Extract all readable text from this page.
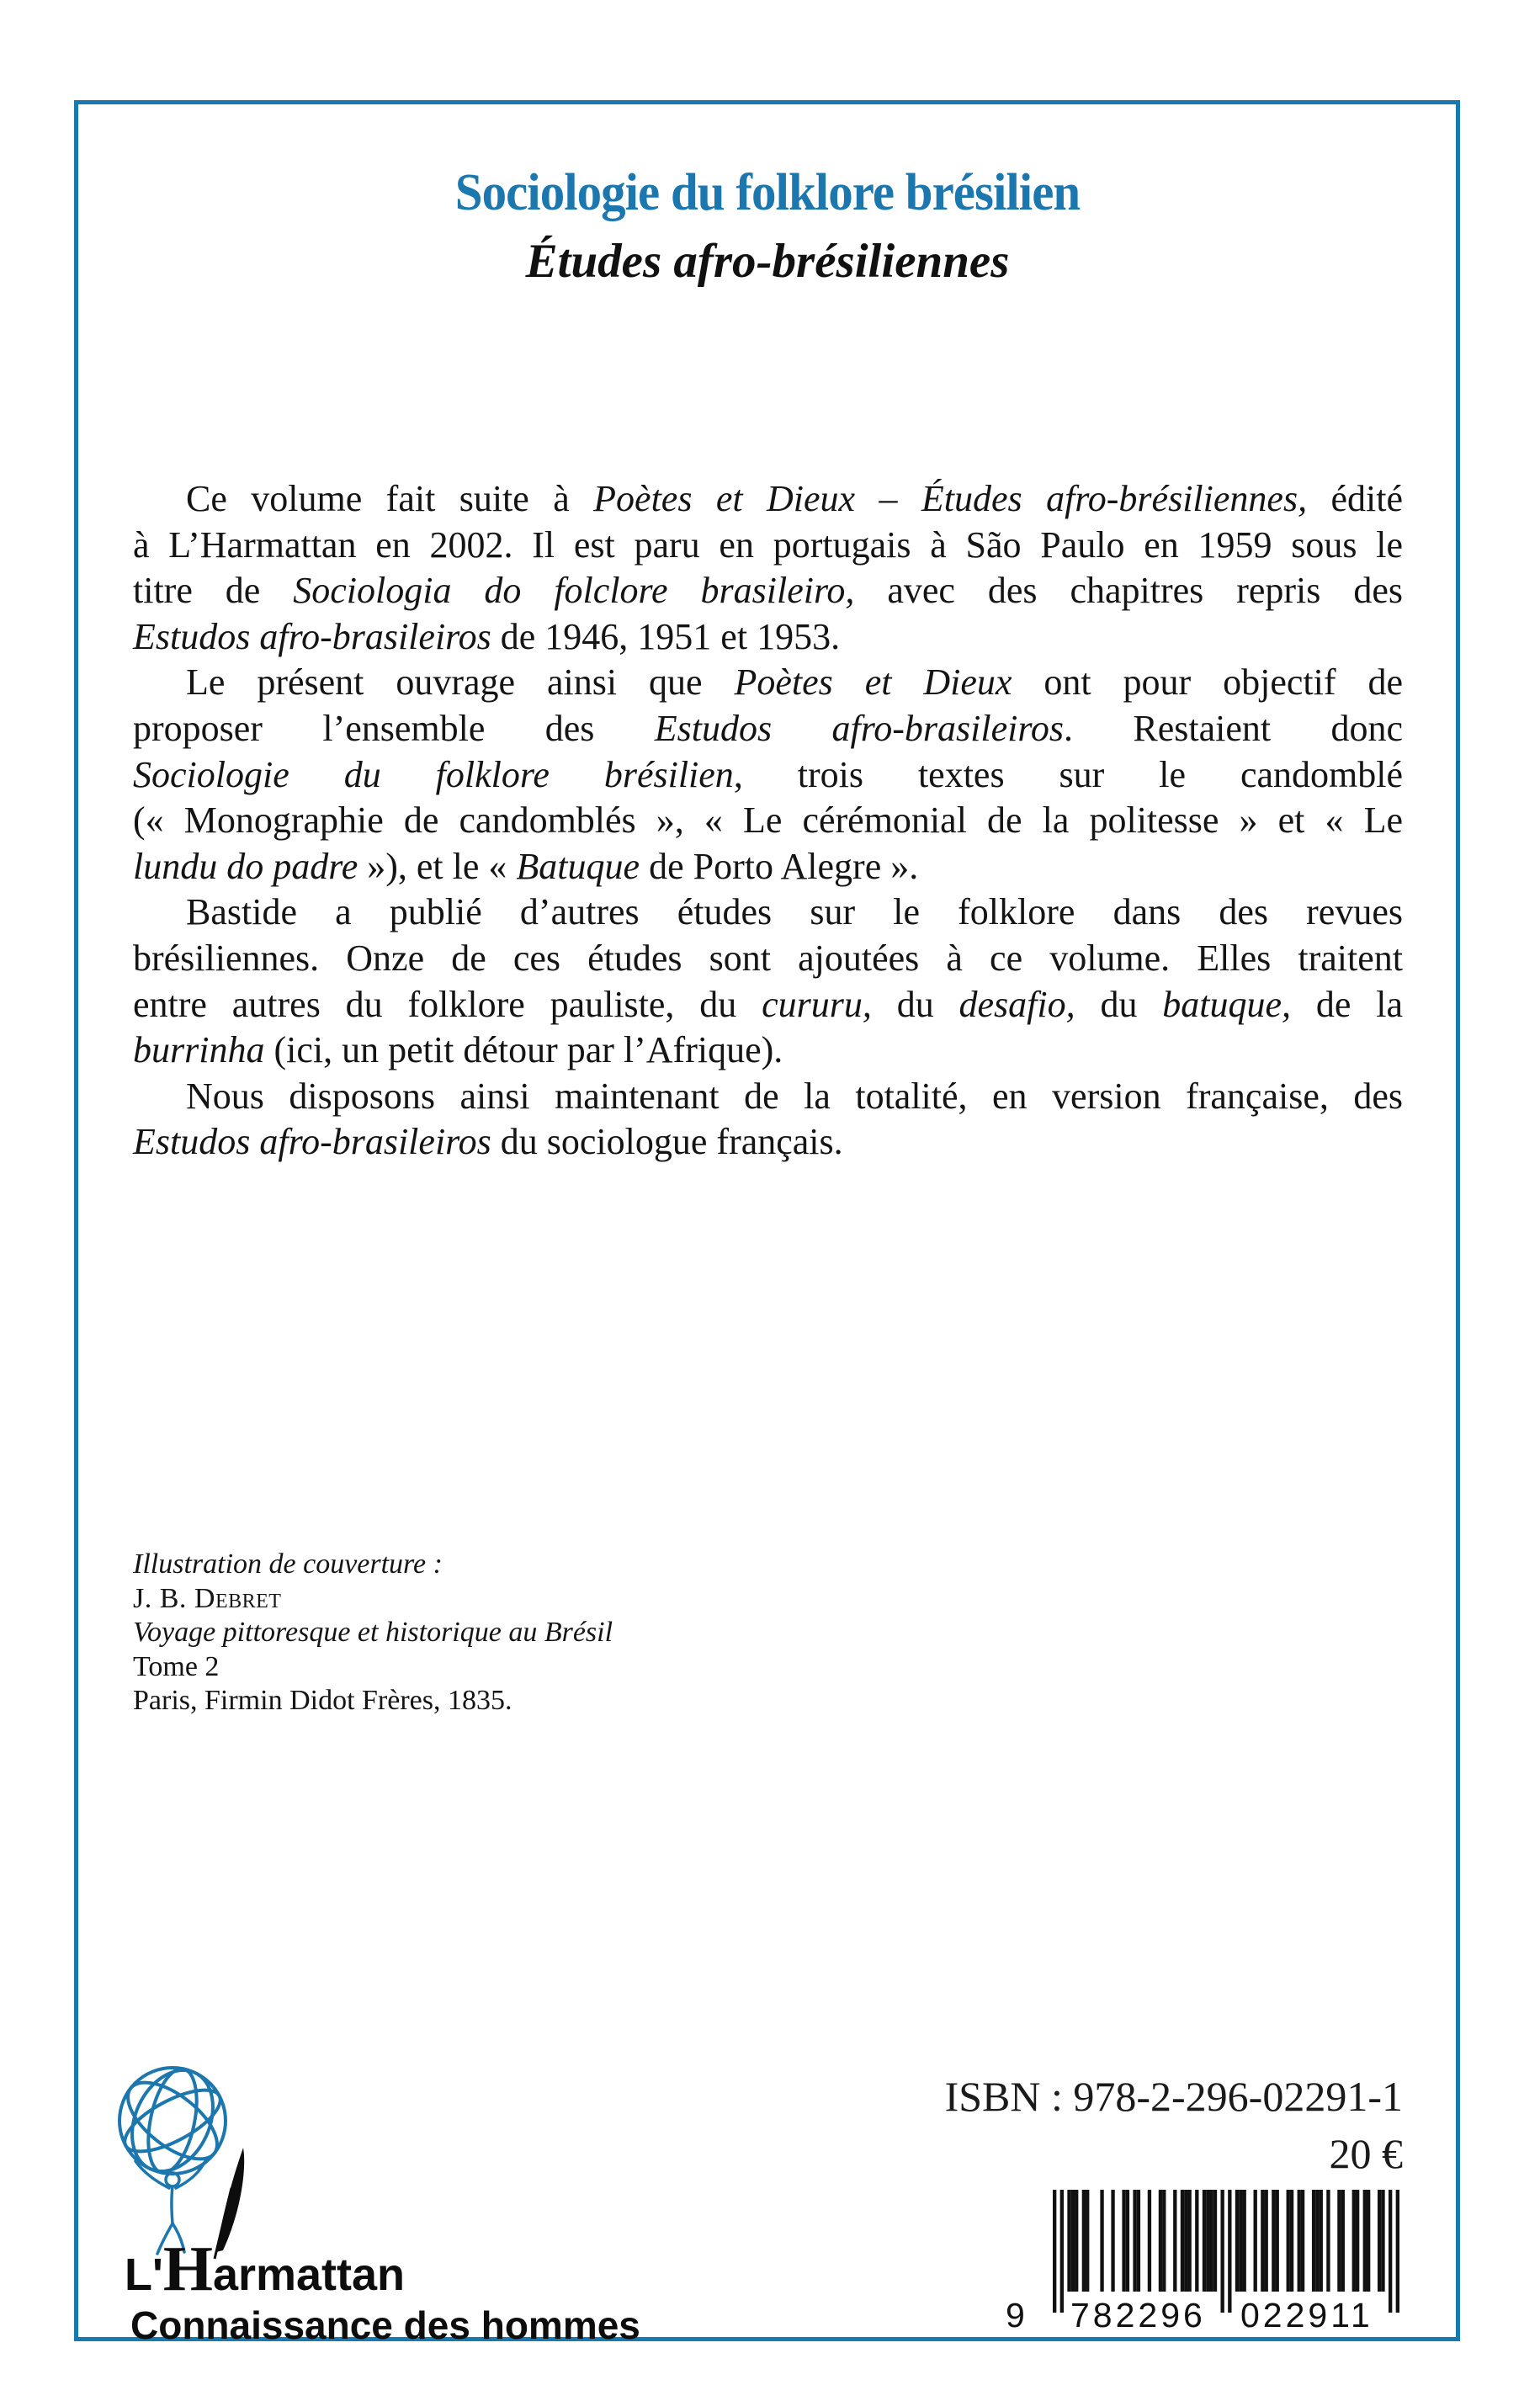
Sociologie du folklore brésilien
Études afro-brésiliennes
Ce volume fait suite à Poètes et Dieux – Études afro-brésiliennes, édité
à L’Harmattan en 2002. Il est paru en portugais à São Paulo en 1959 sous le
titre de Sociologia do folclore brasileiro, avec des chapitres repris des
Estudos afro-brasileiros de 1946, 1951 et 1953.
Le présent ouvrage ainsi que Poètes et Dieux ont pour objectif de
proposer l’ensemble des Estudos afro-brasileiros. Restaient donc
Sociologie du folklore brésilien, trois textes sur le candomblé
(« Monographie de candomblés », « Le cérémonial de la politesse » et « Le
lundu do padre »), et le « Batuque de Porto Alegre ».
Bastide a publié d’autres études sur le folklore dans des revues
brésiliennes. Onze de ces études sont ajoutées à ce volume. Elles traitent
entre autres du folklore pauliste, du cururu, du desafio, du batuque, de la
burrinha (ici, un petit détour par l’Afrique).
Nous disposons ainsi maintenant de la totalité, en version française, des
Estudos afro-brasileiros du sociologue français.
Illustration de couverture :
J. B. Debret
Voyage pittoresque et historique au Brésil
Tome 2
Paris, Firmin Didot Frères, 1835.
ISBN : 978-2-296-02291-1
20 €
9 782296 022911
L'Harmattan
Connaissance des hommes
